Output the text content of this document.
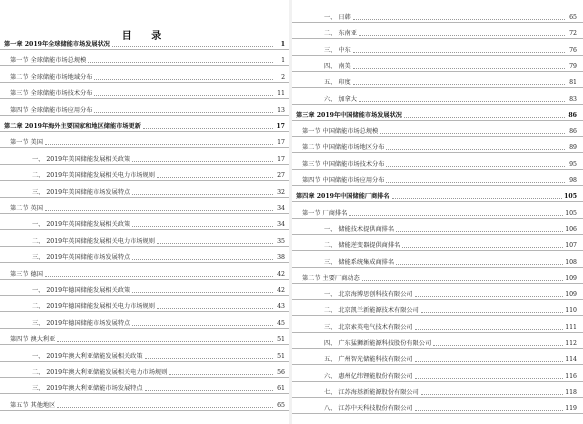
目 录
第一章 2019年全球储能市场发展状况	1
第一节 全球储能市场总规模	1
第二节 全球储能市场地域分布	2
第三节 全球储能市场技术分布	11
第四节 全球储能市场应用分布	13
第二章 2019年海外主要国家和地区储能市场更新	17
第一节 美国	17
一、 2019年美国储能发展相关政策	17
二、 2019年美国储能发展相关电力市场规则	27
三、 2019年美国储能市场发展特点	32
第二节 英国	34
一、 2019年英国储能发展相关政策	34
二、 2019年英国储能发展相关电力市场规则	35
三、 2019年英国储能市场发展特点	38
第三节 德国	42
一、 2019年德国储能发展相关政策	42
二、 2019年德国储能发展相关电力市场规则	43
三、 2019年德国储能市场发展特点	45
第四节 澳大利亚	51
一、 2019年澳大利亚储能发展相关政策	51
二、 2019年澳大利亚储能发展相关电力市场规则	56
三、 2019年澳大利亚储能市场发展特点	61
第五节 其他地区	65
一、 日韩	65
二、 东南亚	72
三、 中东	76
四、 南美	79
五、 印度	81
六、 加拿大	83
第三章 2019年中国储能市场发展状况	86
第一节 中国储能市场总规模	86
第二节 中国储能市场地区分布	89
第三节 中国储能市场技术分布	95
第四节 中国储能市场应用分布	98
第四章 2019年中国储能厂商排名	105
第一节 厂商排名	105
一、 储能技术提供商排名	106
二、 储能逆变器提供商排名	107
三、 储能系统集成商排名	108
第二节 主要厂商动态	109
一、 北京海博思创科技有限公司	109
二、 北京凯兰新能源技术有限公司	110
三、 北京索英电气技术有限公司	111
四、 广东猛狮新能源科技股份有限公司	112
五、 广州智光储能科技有限公司	114
六、 惠州亿纬锂能股份有限公司	116
七、 江苏海基新能源股份有限公司	118
八、 江苏中天科技股份有限公司	119
